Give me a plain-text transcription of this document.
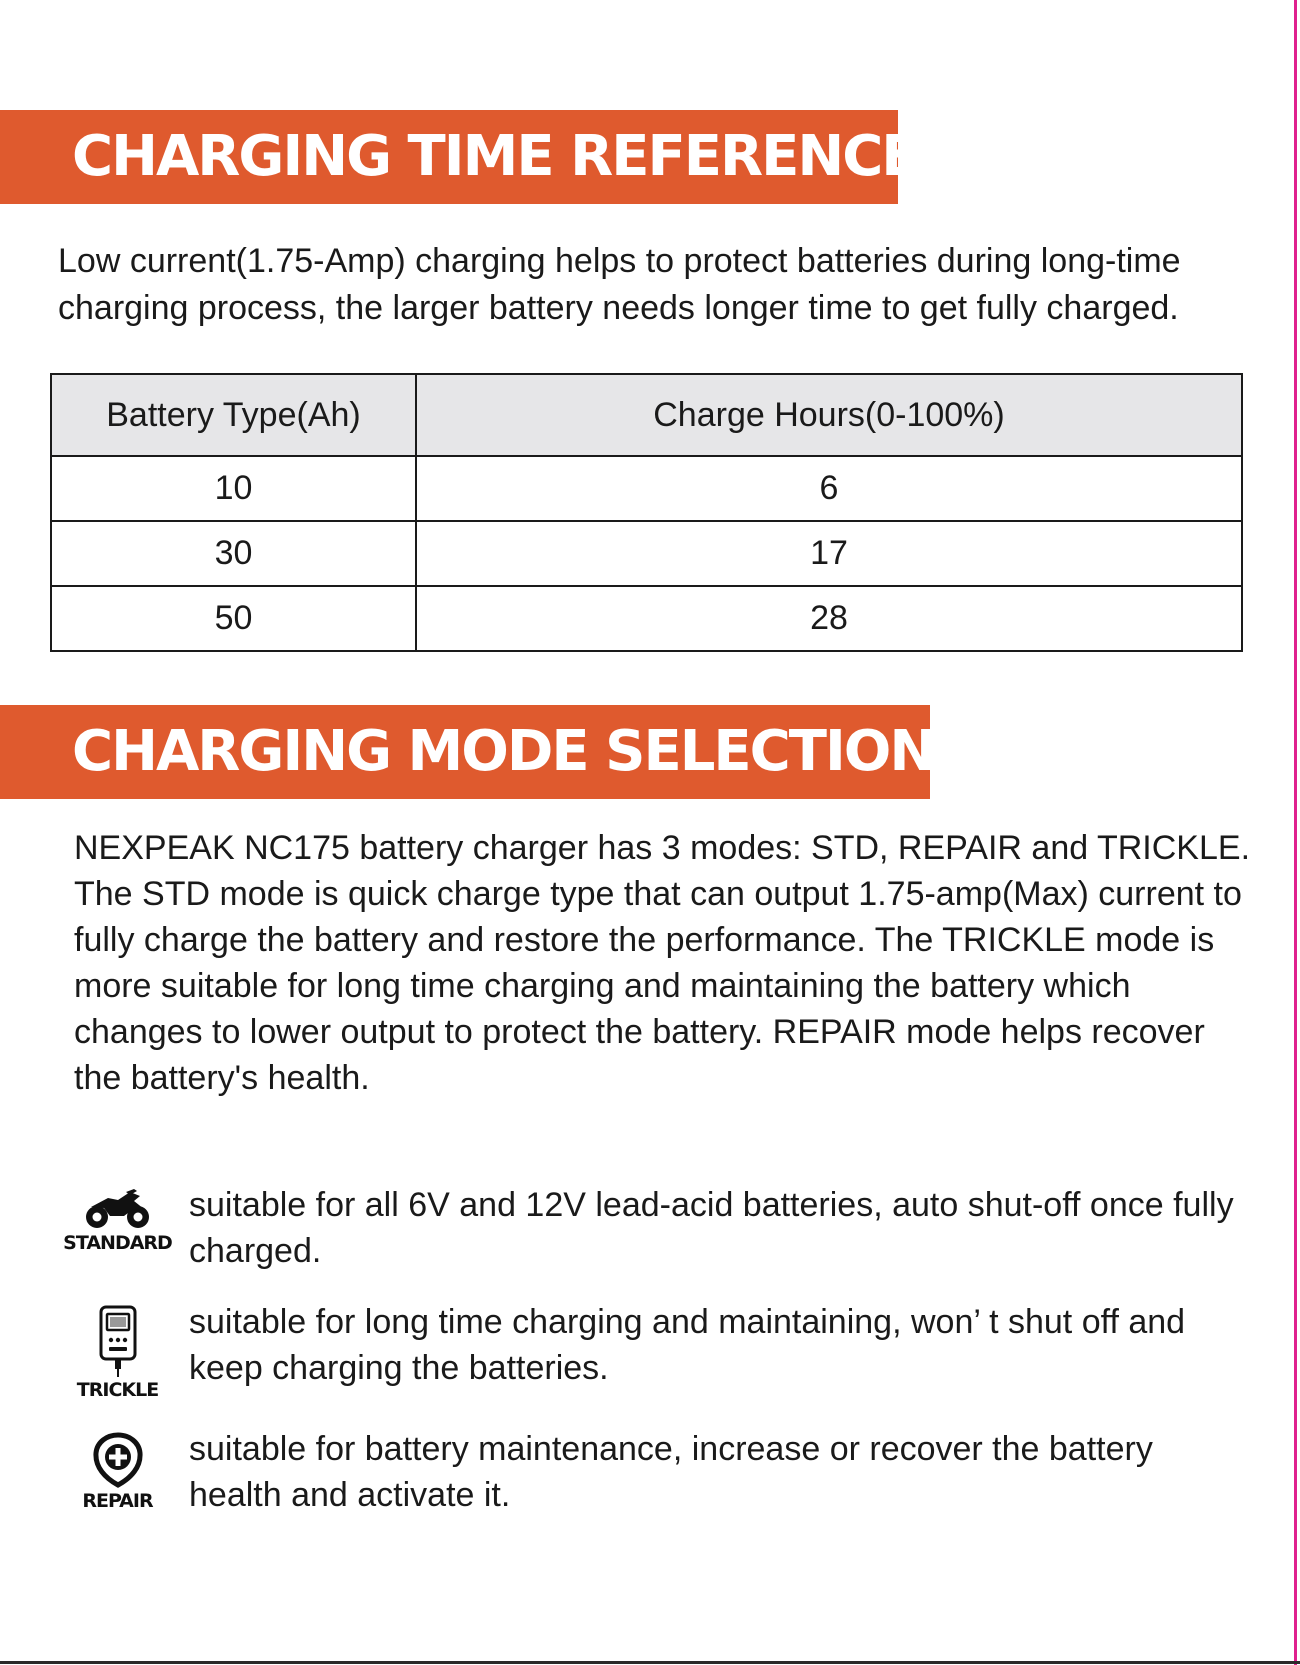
CHARGING TIME REFERENCE

Low current(1.75-Amp) charging helps to protect batteries during long-time charging process, the larger battery needs longer time to get fully charged.

Battery Type(Ah)	Charge Hours(0-100%)
10	6
30	17
50	28
CHARGING MODE SELECTIONS

NEXPEAK NC175 battery charger has 3 modes: STD, REPAIR and TRICKLE.

The STD mode is quick charge type that can output 1.75-amp(Max) current to fully charge the battery and restore the performance. The TRICKLE mode is more suitable for long time charging and maintaining the battery which changes to lower output to protect the battery. REPAIR mode helps recover the battery's health.

STANDARD

suitable for all 6V and 12V lead-acid batteries, auto shut-off once fully charged.

TRICKLE

suitable for long time charging and maintaining, won’ t shut off and keep charging the batteries.

REPAIR

suitable for battery maintenance, increase or recover the battery health and activate it.
